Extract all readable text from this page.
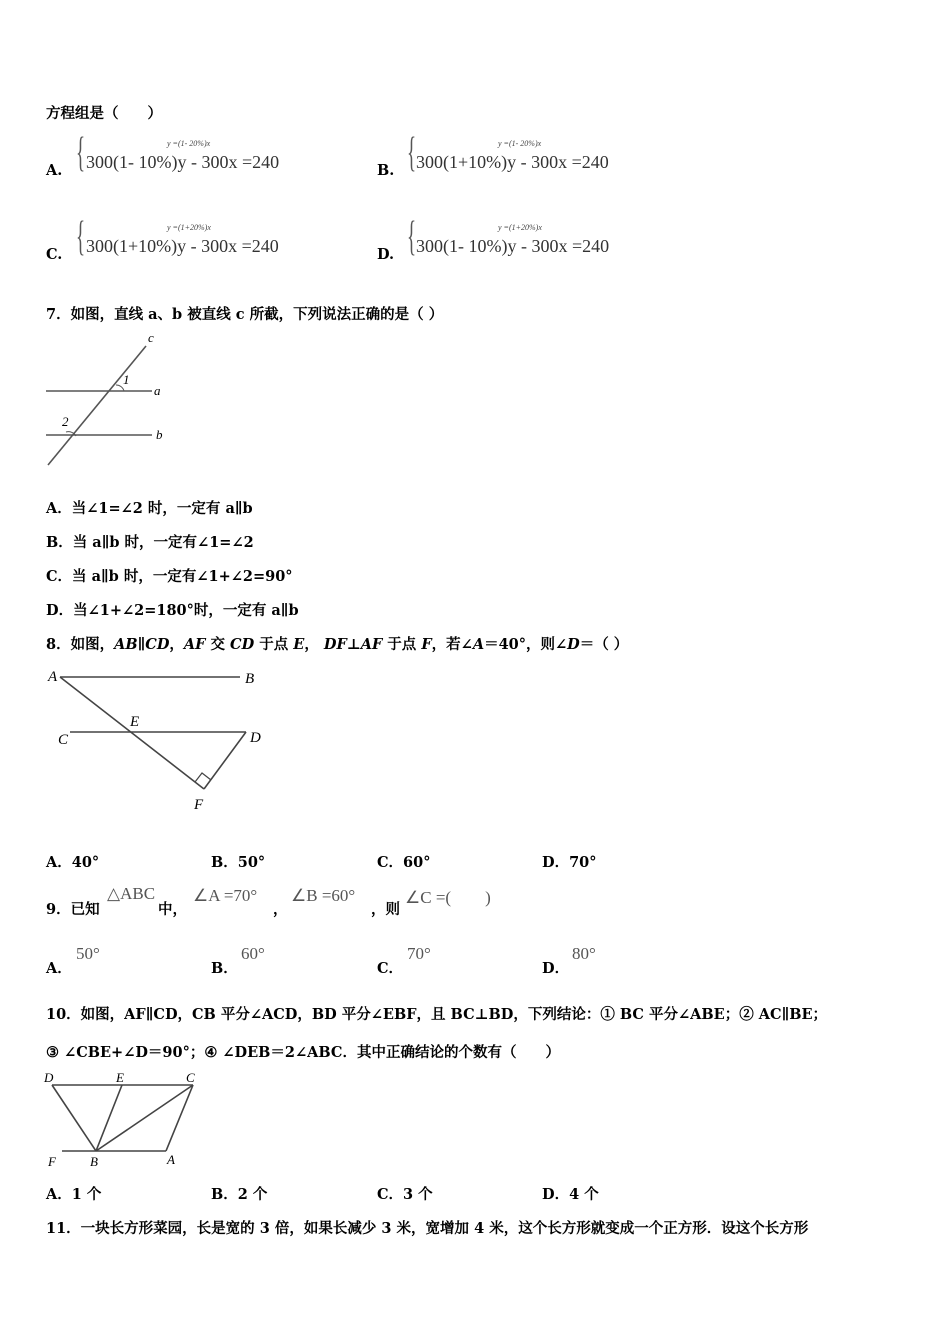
方程组是（　　）
A. {	y =(1- 20%)x
300(1- 10%)y - 300x =240	B. {	y =(1- 20%)x
300(1+10%)y - 300x =240
C. {	y =(1+20%)x
300(1+10%)y - 300x =240	D. {	y =(1+20%)x
300(1- 10%)y - 300x =240
7．如图，直线 a、b 被直线 c 所截，下列说法正确的是（ ）
c
a
b
1
2
A．当∠1=∠2 时，一定有 a∥b
B．当 a∥b 时，一定有∠1=∠2
C．当 a∥b 时，一定有∠1+∠2=90°
D．当∠1+∠2=180°时，一定有 a∥b
8．如图，AB∥CD，AF 交 CD 于点 E， DF⊥AF 于点 F，若∠A＝40°，则∠D＝（ ）
A	B
C	D
E
F
A．40°	B．50°	C．60°	D．70°
9．已知
△ABC
中，
∠A =70°
，
∠B =60°
，则
∠C =(　　)
A．
50°
B．
60°
C．
70°
D．
80°
10．如图，AF∥CD，CB 平分∠ACD，BD 平分∠EBF，且 BC⊥BD，下列结论：① BC 平分∠ABE；② AC∥BE；
③ ∠CBE+∠D＝90°；④ ∠DEB＝2∠ABC．其中正确结论的个数有（　　）
D	E	C
F	B	A
A．1 个	B．2 个	C．3 个	D．4 个
11．一块长方形菜园，长是宽的 3 倍，如果长减少 3 米，宽增加 4 米，这个长方形就变成一个正方形．设这个长方形
